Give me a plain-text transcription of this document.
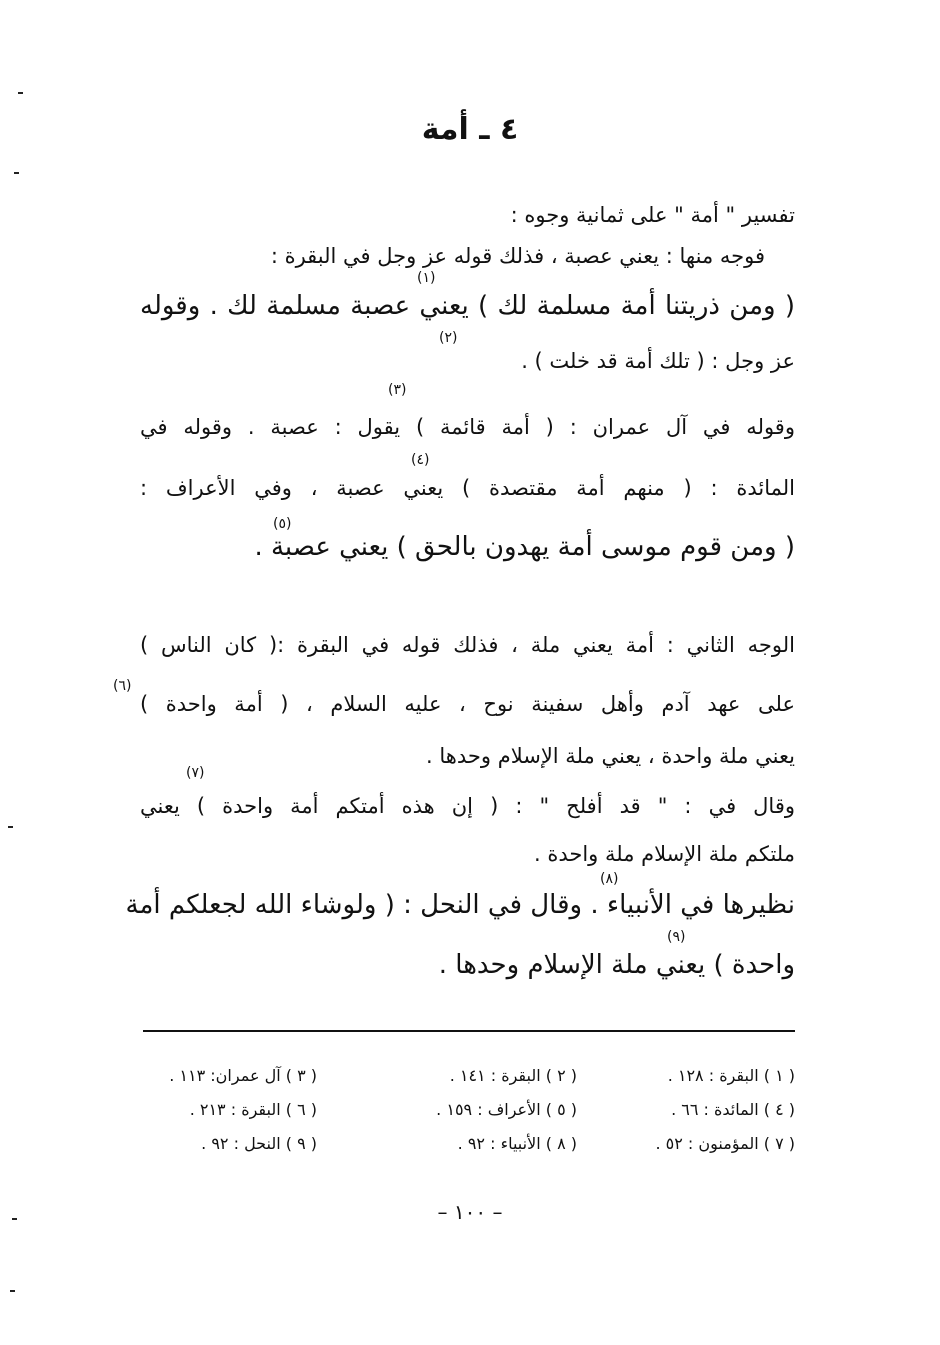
٤ ـ أمة
تفسير " أمة " على ثمانية وجوه :
فوجه منها : يعني عصبة ، فذلك قوله عز وجل في البقرة :
( ومن ذريتنا أمة مسلمة لك ) يعني عصبة مسلمة لك . وقوله
عز وجل : ( تلك أمة قد خلت ) .
وقوله في آل عمران : ( أمة قائمة ) يقول : عصبة . وقوله في
المائدة : ( منهم أمة مقتصدة ) يعني عصبة ، وفي الأعراف :
( ومن قوم موسى أمة يهدون بالحق ) يعني عصبة .
الوجه الثاني : أمة يعني ملة ، فذلك قوله في البقرة :( كان الناس )
على عهد آدم وأهل سفينة نوح ، عليه السلام ، ( أمة واحدة )
يعني ملة واحدة ، يعني ملة الإسلام وحدها .
وقال في : " قد أفلح " : ( إن هذه أمتكم أمة واحدة ) يعني
ملتكم ملة الإسلام ملة واحدة .
نظيرها في الأنبياء . وقال في النحل : ( ولوشاء الله لجعلكم أمة
واحدة ) يعني ملة الإسلام وحدها .
(١)
(٢)
(٣)
(٤)
(٥)
(٦)
(٧)
(٨)
(٩)
( ١ ) البقرة : ١٢٨ .
( ٢ ) البقرة : ١٤١ .
( ٣ ) آل عمران: ١١٣ .
( ٤ ) المائدة : ٦٦ .
( ٥ ) الأعراف : ١٥٩ .
( ٦ ) البقرة : ٢١٣ .
( ٧ ) المؤمنون : ٥٢ .
( ٨ ) الأنبياء : ٩٢ .
( ٩ ) النحل : ٩٢ .
– ١٠٠ –
